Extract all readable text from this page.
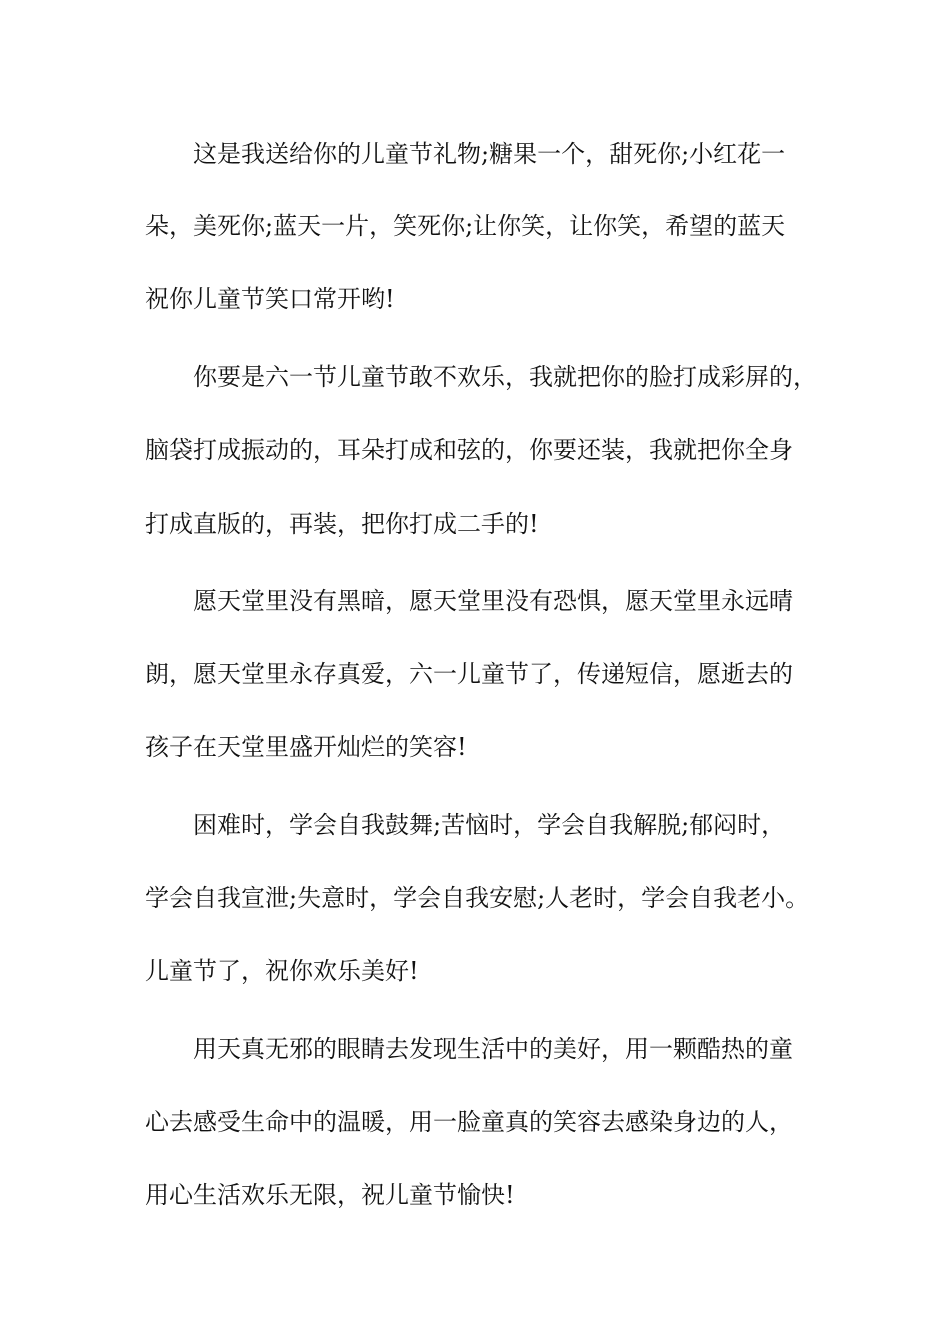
这是我送给你的儿童节礼物;糖果一个，甜死你;小红花一
朵，美死你;蓝天一片，笑死你;让你笑，让你笑，希望的蓝天
祝你儿童节笑口常开哟!
你要是六一节儿童节敢不欢乐，我就把你的脸打成彩屏的，
脑袋打成振动的，耳朵打成和弦的，你要还装，我就把你全身
打成直版的，再装，把你打成二手的!
愿天堂里没有黑暗，愿天堂里没有恐惧，愿天堂里永远晴
朗，愿天堂里永存真爱，六一儿童节了，传递短信，愿逝去的
孩子在天堂里盛开灿烂的笑容!
困难时，学会自我鼓舞;苦恼时，学会自我解脱;郁闷时，
学会自我宣泄;失意时，学会自我安慰;人老时，学会自我老小。
儿童节了，祝你欢乐美好!
用天真无邪的眼睛去发现生活中的美好，用一颗酷热的童
心去感受生命中的温暖，用一脸童真的笑容去感染身边的人，
用心生活欢乐无限，祝儿童节愉快!
